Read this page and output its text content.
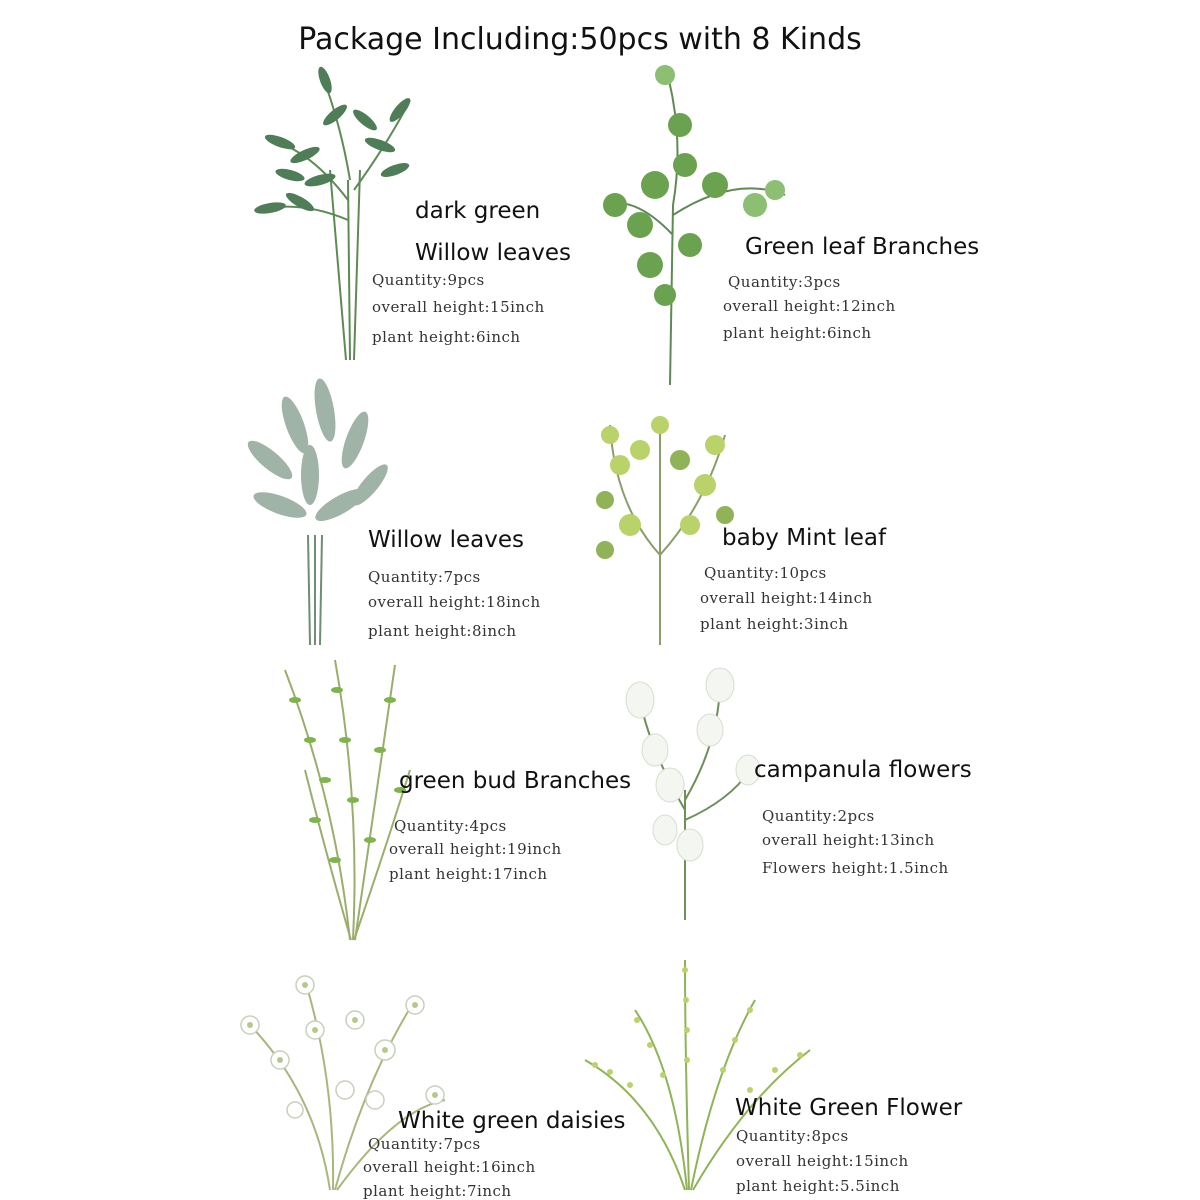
Package Including:50pcs with 8 Kinds
dark green
Willow leaves
Quantity:9pcs
overall height:15inch
plant height:6inch
Green leaf Branches
Quantity:3pcs
overall height:12inch
plant height:6inch
Willow leaves
Quantity:7pcs
overall height:18inch
plant height:8inch
baby Mint leaf
Quantity:10pcs
overall height:14inch
plant height:3inch
green bud Branches
Quantity:4pcs
overall height:19inch
plant height:17inch
campanula flowers
Quantity:2pcs
overall height:13inch
Flowers height:1.5inch
White green daisies
Quantity:7pcs
overall height:16inch
plant height:7inch
White Green Flower
Quantity:8pcs
overall height:15inch
plant height:5.5inch
